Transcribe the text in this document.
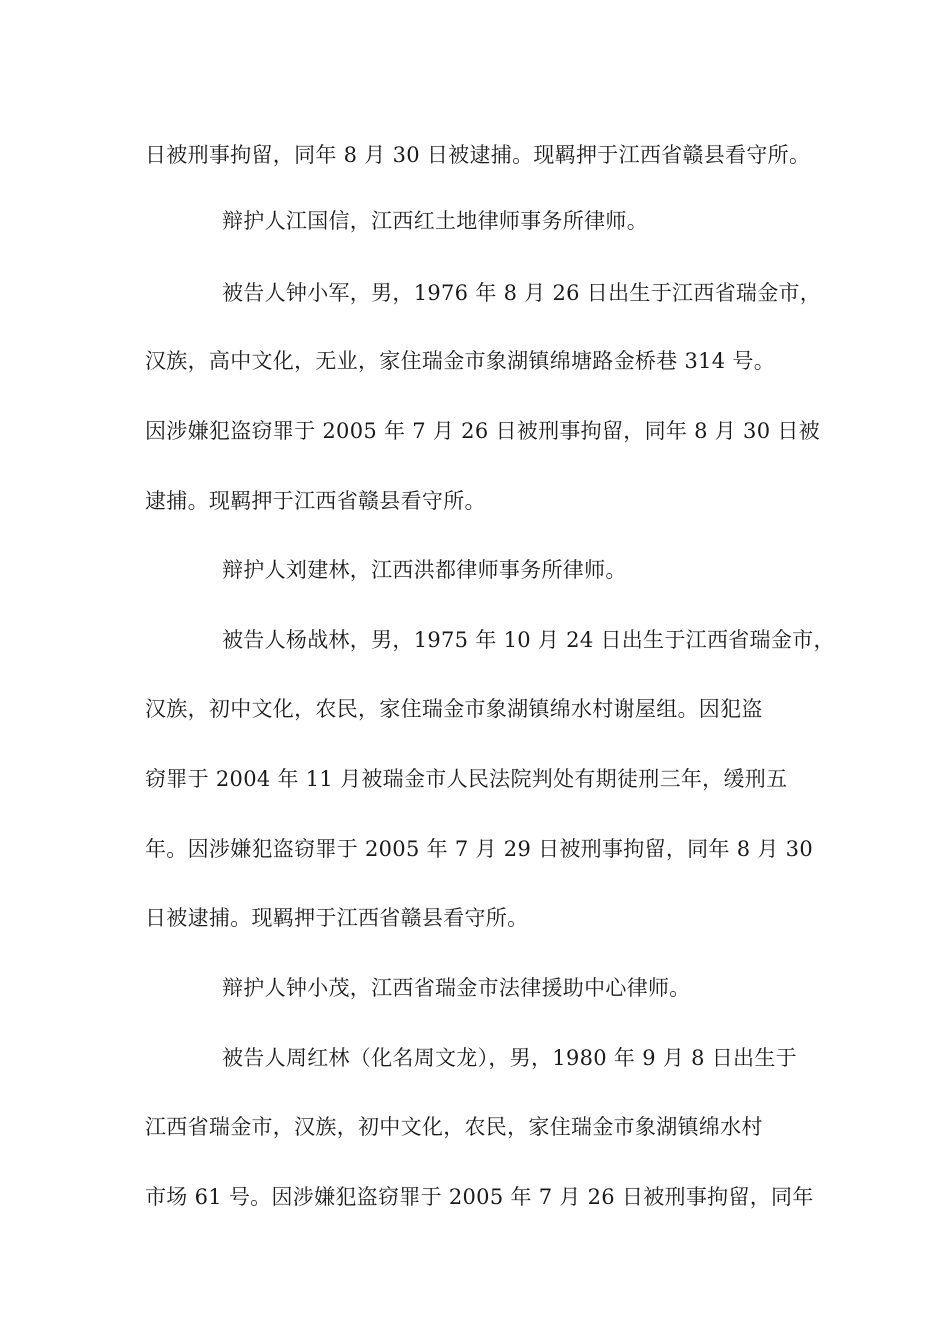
日被刑事拘留，同年 8 月 30 日被逮捕。现羁押于江西省赣县看守所。
辩护人江国信，江西红土地律师事务所律师。
被告人钟小军，男，1976 年 8 月 26 日出生于江西省瑞金市，
汉族，高中文化，无业，家住瑞金市象湖镇绵塘路金桥巷 314 号。
因涉嫌犯盗窃罪于 2005 年 7 月 26 日被刑事拘留，同年 8 月 30 日被
逮捕。现羁押于江西省赣县看守所。
辩护人刘建林，江西洪都律师事务所律师。
被告人杨战林，男，1975 年 10 月 24 日出生于江西省瑞金市，
汉族，初中文化，农民，家住瑞金市象湖镇绵水村谢屋组。因犯盗
窃罪于 2004 年 11 月被瑞金市人民法院判处有期徒刑三年，缓刑五
年。因涉嫌犯盗窃罪于 2005 年 7 月 29 日被刑事拘留，同年 8 月 30
日被逮捕。现羁押于江西省赣县看守所。
辩护人钟小茂，江西省瑞金市法律援助中心律师。
被告人周红林（化名周文龙），男，1980 年 9 月 8 日出生于
江西省瑞金市，汉族，初中文化，农民，家住瑞金市象湖镇绵水村
市场 61 号。因涉嫌犯盗窃罪于 2005 年 7 月 26 日被刑事拘留，同年
